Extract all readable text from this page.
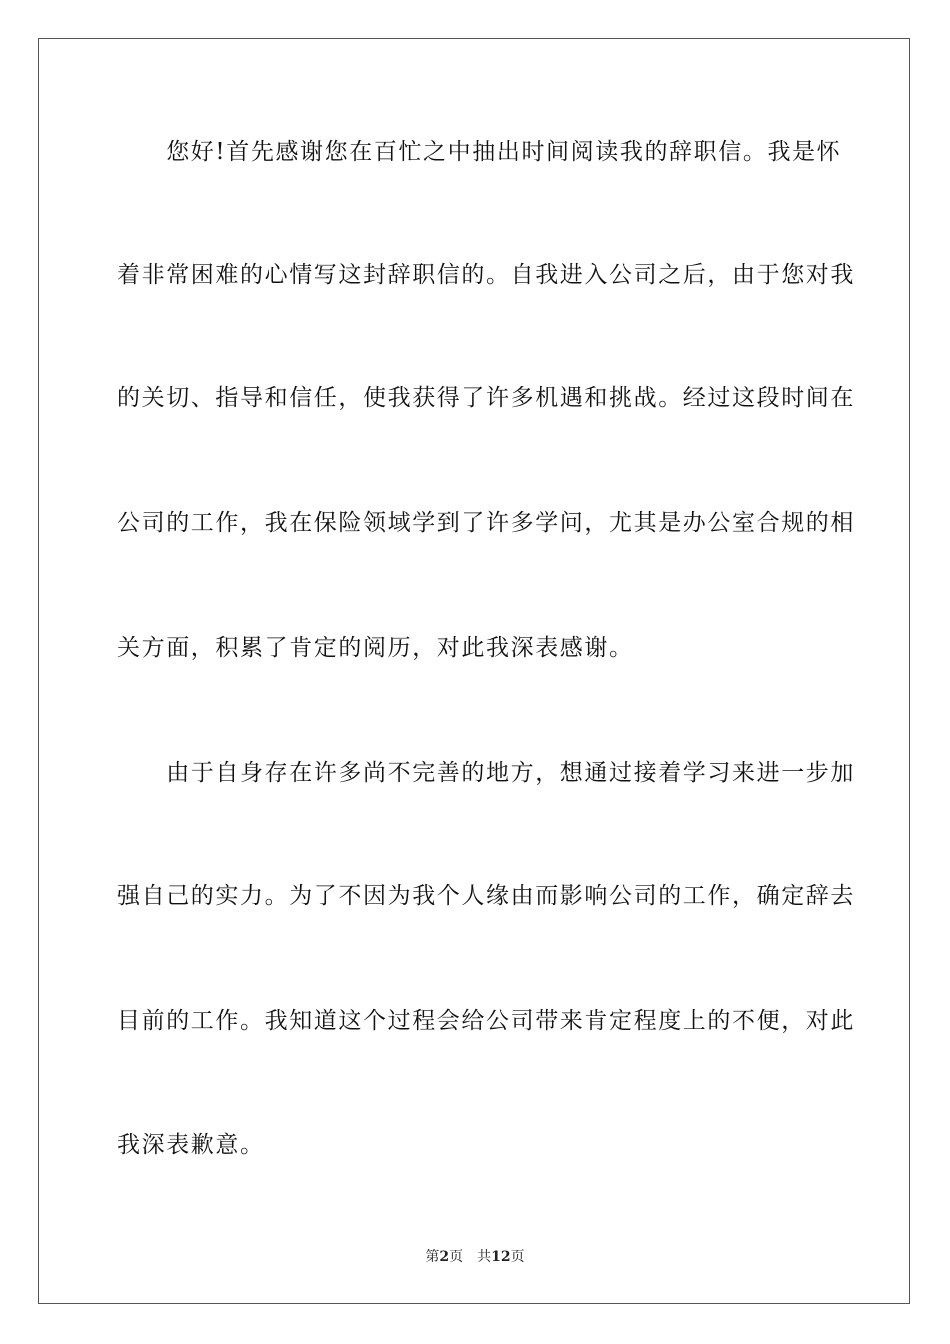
　　您好!首先感谢您在百忙之中抽出时间阅读我的辞职信。我是怀
着非常困难的心情写这封辞职信的。自我进入公司之后，由于您对我
的关切、指导和信任，使我获得了许多机遇和挑战。经过这段时间在
公司的工作，我在保险领域学到了许多学问，尤其是办公室合规的相
关方面，积累了肯定的阅历，对此我深表感谢。
　　由于自身存在许多尚不完善的地方，想通过接着学习来进一步加
强自己的实力。为了不因为我个人缘由而影响公司的工作，确定辞去
目前的工作。我知道这个过程会给公司带来肯定程度上的不便，对此
我深表歉意。
第2页 共12页
